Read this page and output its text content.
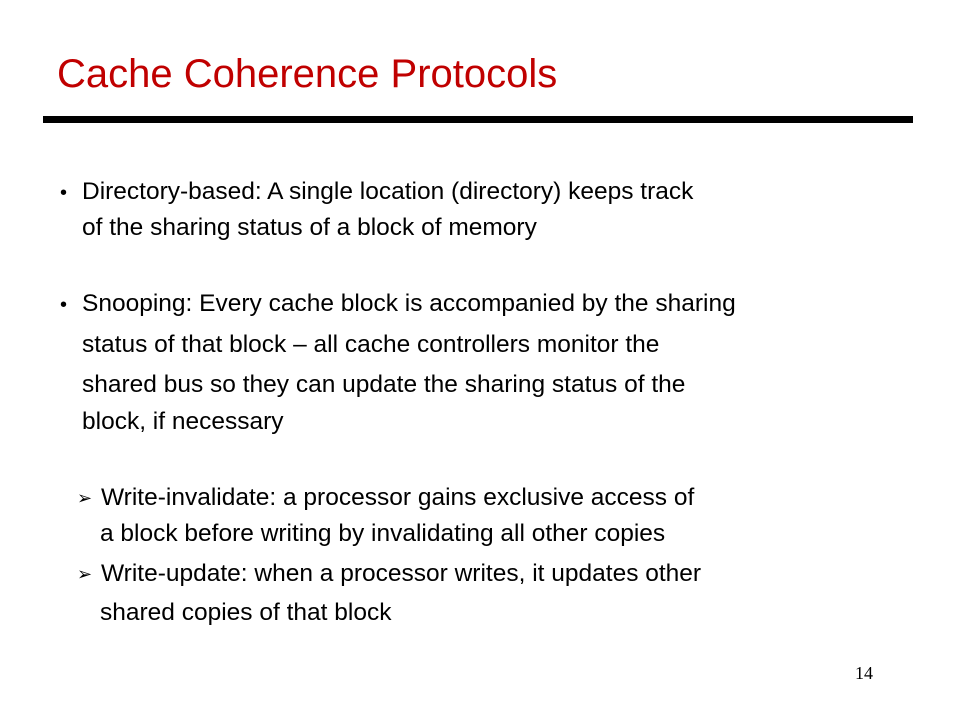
Cache Coherence Protocols
• Directory-based: A single location (directory) keeps track
of the sharing status of a block of memory
• Snooping: Every cache block is accompanied by the sharing
status of that block – all cache controllers monitor the
shared bus so they can update the sharing status of the
block, if necessary
➢ Write-invalidate: a processor gains exclusive access of
a block before writing by invalidating all other copies
➢ Write-update: when a processor writes, it updates other
shared copies of that block
14
